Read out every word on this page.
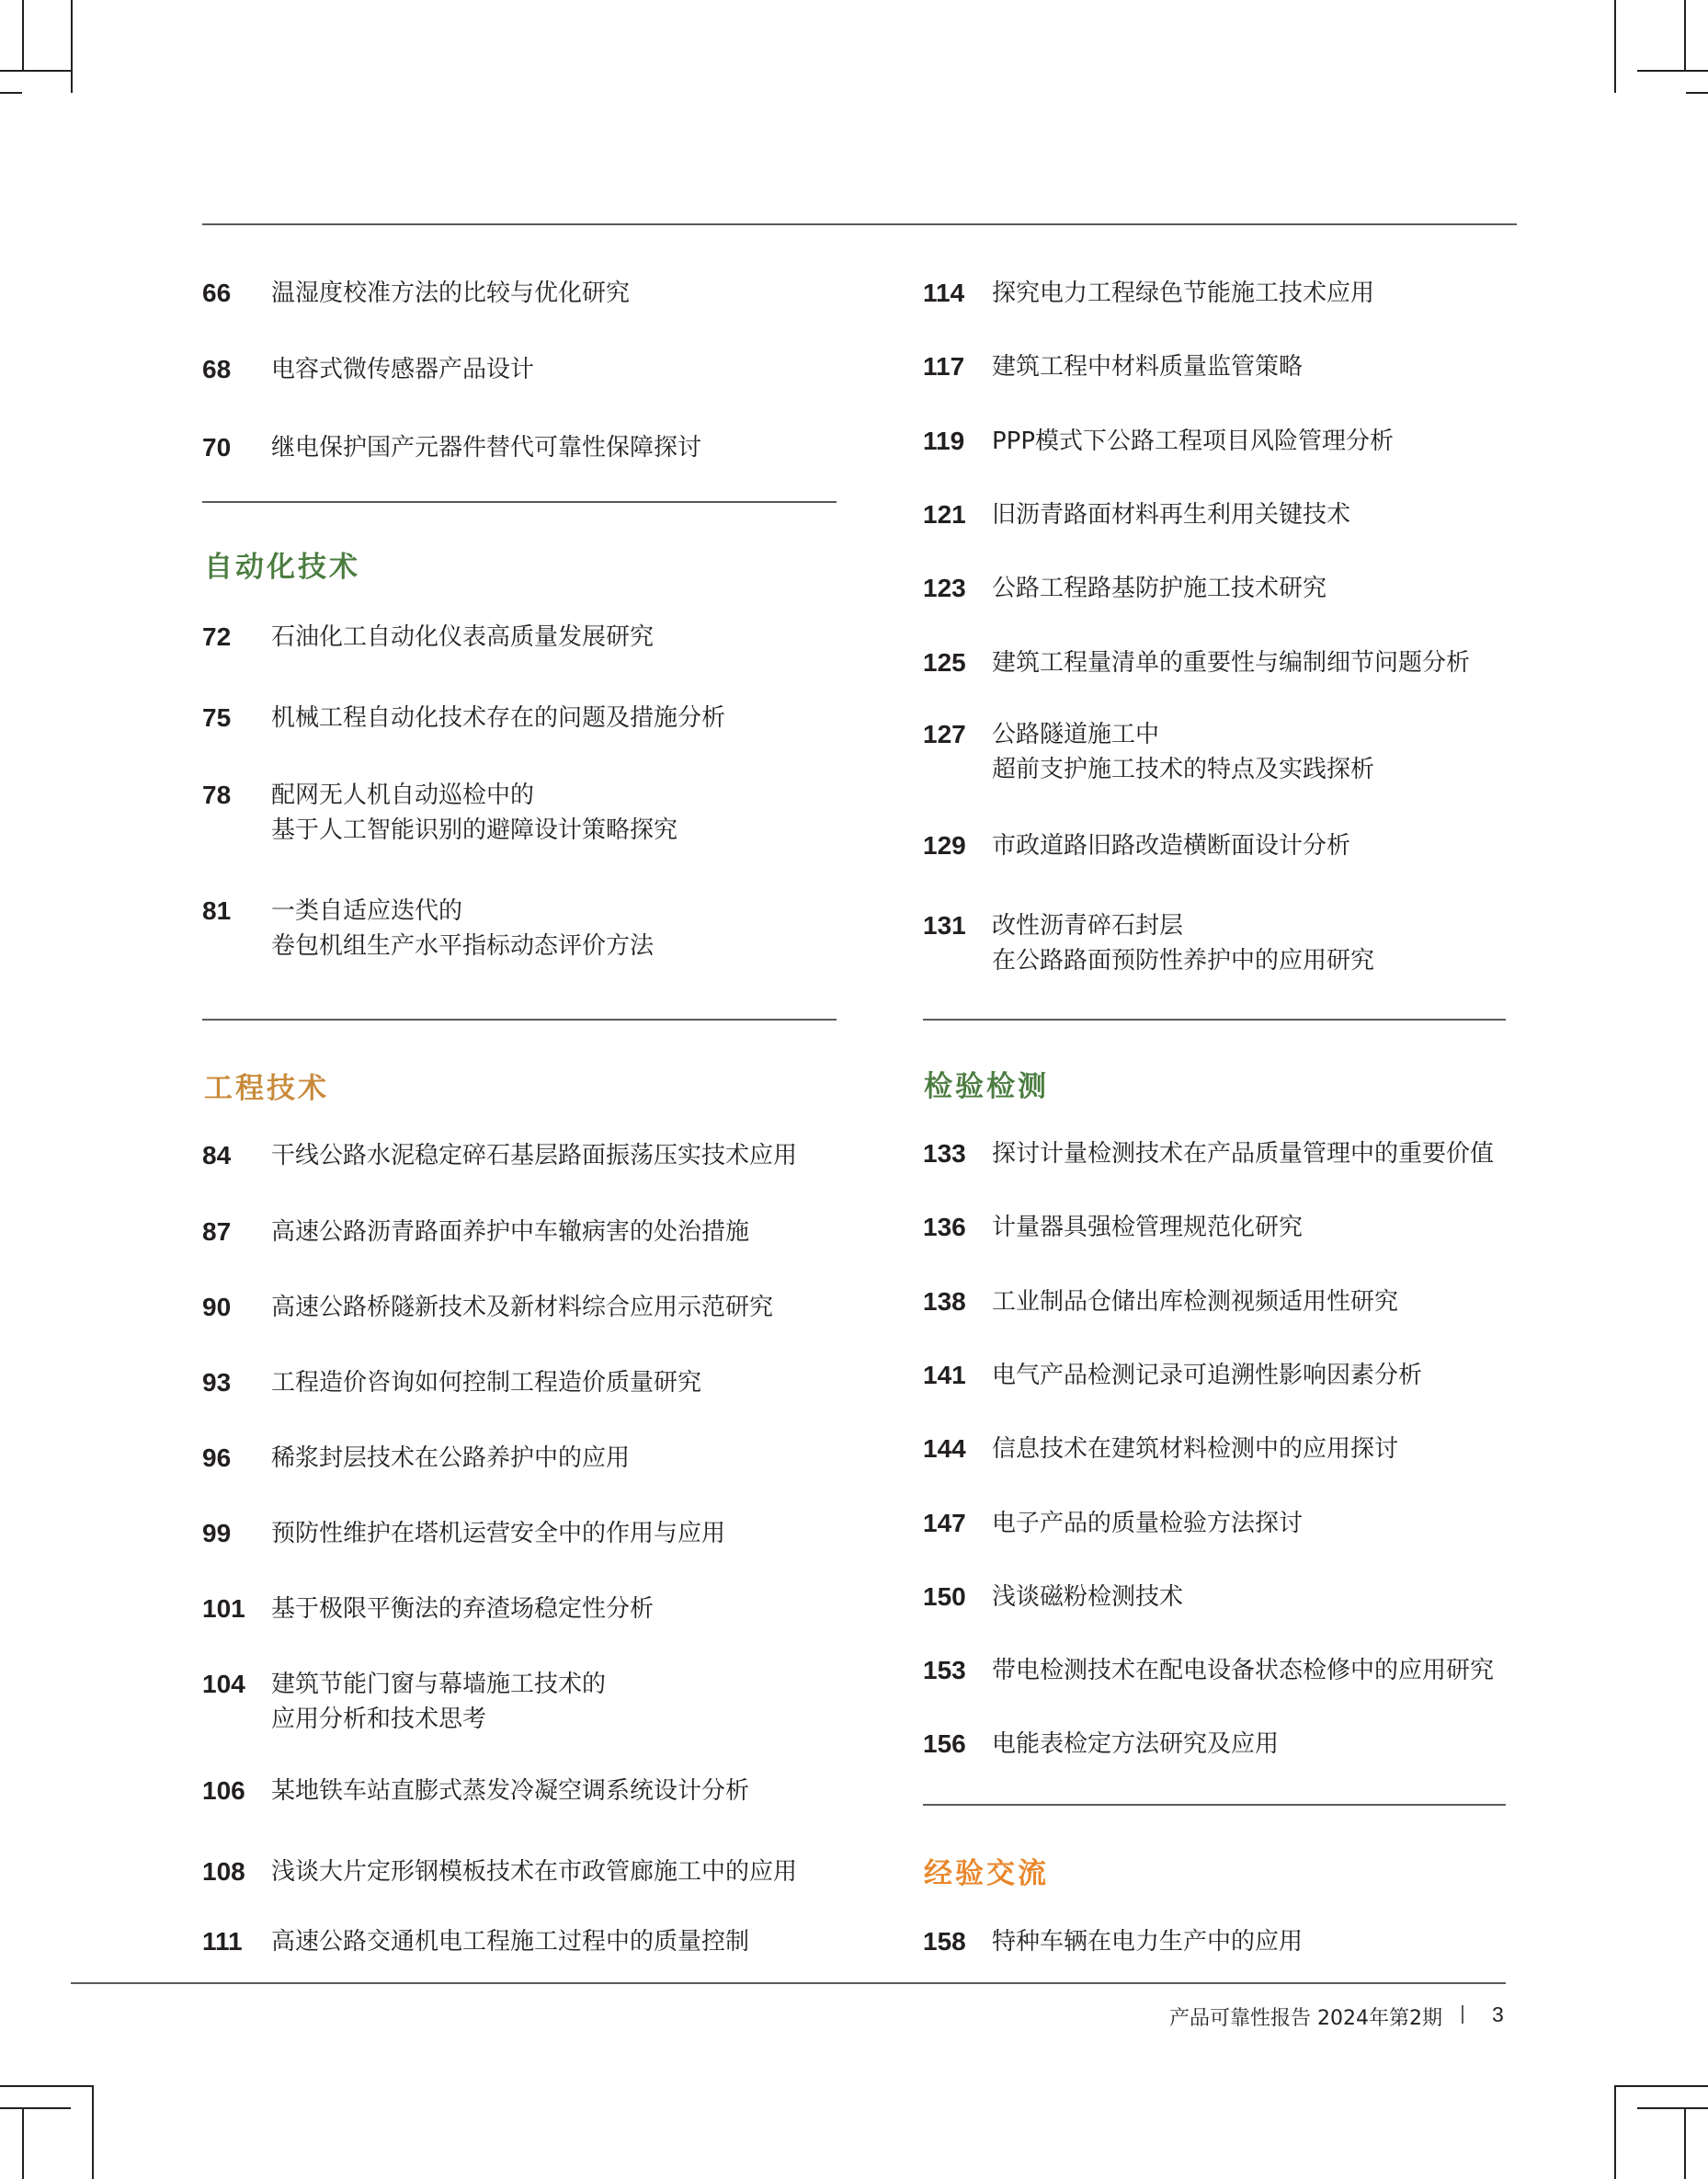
66 温湿度校准方法的比较与优化研究
68 电容式微传感器产品设计
70 继电保护国产元器件替代可靠性保障探讨
自动化技术
72 石油化工自动化仪表高质量发展研究
75 机械工程自动化技术存在的问题及措施分析
78 配网无人机自动巡检中的
基于人工智能识别的避障设计策略探究
81 一类自适应迭代的
卷包机组生产水平指标动态评价方法
工程技术
84 干线公路水泥稳定碎石基层路面振荡压实技术应用
87 高速公路沥青路面养护中车辙病害的处治措施
90 高速公路桥隧新技术及新材料综合应用示范研究
93 工程造价咨询如何控制工程造价质量研究
96 稀浆封层技术在公路养护中的应用
99 预防性维护在塔机运营安全中的作用与应用
101 基于极限平衡法的弃渣场稳定性分析
104 建筑节能门窗与幕墙施工技术的
应用分析和技术思考
106 某地铁车站直膨式蒸发冷凝空调系统设计分析
108 浅谈大片定形钢模板技术在市政管廊施工中的应用
111 高速公路交通机电工程施工过程中的质量控制
114 探究电力工程绿色节能施工技术应用
117 建筑工程中材料质量监管策略
119 PPP模式下公路工程项目风险管理分析
121 旧沥青路面材料再生利用关键技术
123 公路工程路基防护施工技术研究
125 建筑工程量清单的重要性与编制细节问题分析
127 公路隧道施工中
超前支护施工技术的特点及实践探析
129 市政道路旧路改造横断面设计分析
131 改性沥青碎石封层
在公路路面预防性养护中的应用研究
检验检测
133 探讨计量检测技术在产品质量管理中的重要价值
136 计量器具强检管理规范化研究
138 工业制品仓储出库检测视频适用性研究
141 电气产品检测记录可追溯性影响因素分析
144 信息技术在建筑材料检测中的应用探讨
147 电子产品的质量检验方法探讨
150 浅谈磁粉检测技术
153 带电检测技术在配电设备状态检修中的应用研究
156 电能表检定方法研究及应用
经验交流
158 特种车辆在电力生产中的应用
产品可靠性报告 2024年第2期 3
